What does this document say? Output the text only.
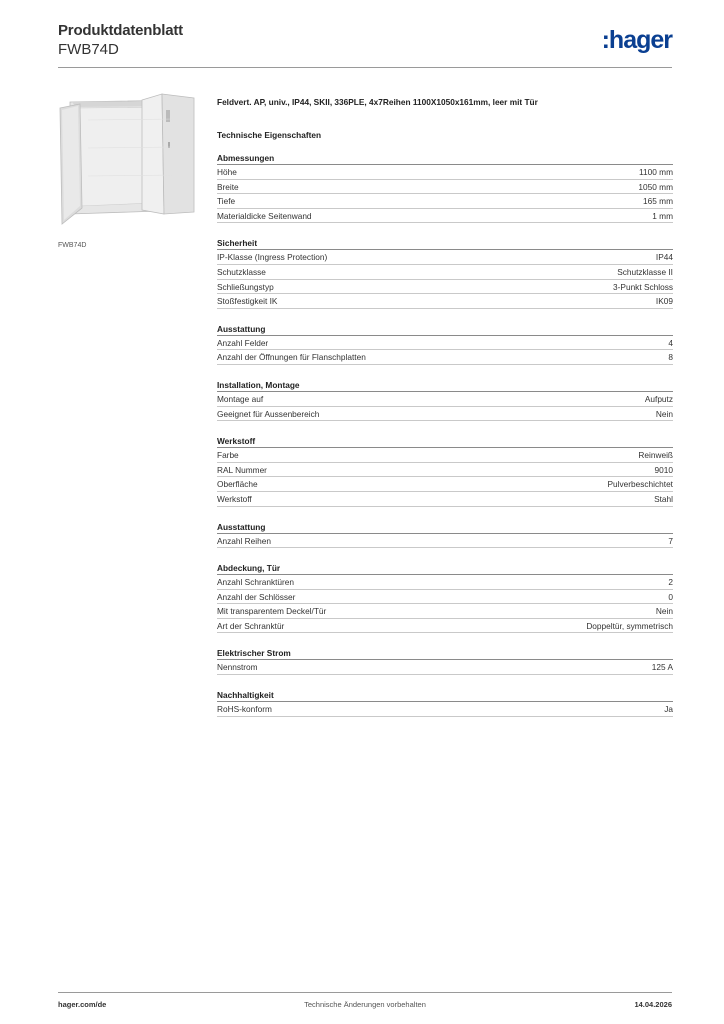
Produktdatenblatt
FWB74D	:hager
FWB74D
Feldvert. AP, univ., IP44, SKII, 336PLE, 4x7Reihen 1100X1050x161mm, leer mit Tür
Technische Eigenschaften
Abmessungen
Höhe	1100 mm
Breite	1050 mm
Tiefe	165 mm
Materialdicke Seitenwand	1 mm
Sicherheit
IP-Klasse (Ingress Protection)	IP44
Schutzklasse	Schutzklasse II
Schließungstyp	3-Punkt Schloss
Stoßfestigkeit IK	IK09
Ausstattung
Anzahl Felder	4
Anzahl der Öffnungen für Flanschplatten	8
Installation, Montage
Montage auf	Aufputz
Geeignet für Aussenbereich	Nein
Werkstoff
Farbe	Reinweiß
RAL Nummer	9010
Oberfläche	Pulverbeschichtet
Werkstoff	Stahl
Ausstattung
Anzahl Reihen	7
Abdeckung, Tür
Anzahl Schranktüren	2
Anzahl der Schlösser	0
Mit transparentem Deckel/Tür	Nein
Art der Schranktür	Doppeltür, symmetrisch
Elektrischer Strom
Nennstrom	125 A
Nachhaltigkeit
RoHS-konform	Ja
hager.com/de	Technische Änderungen vorbehalten	14.04.2026
